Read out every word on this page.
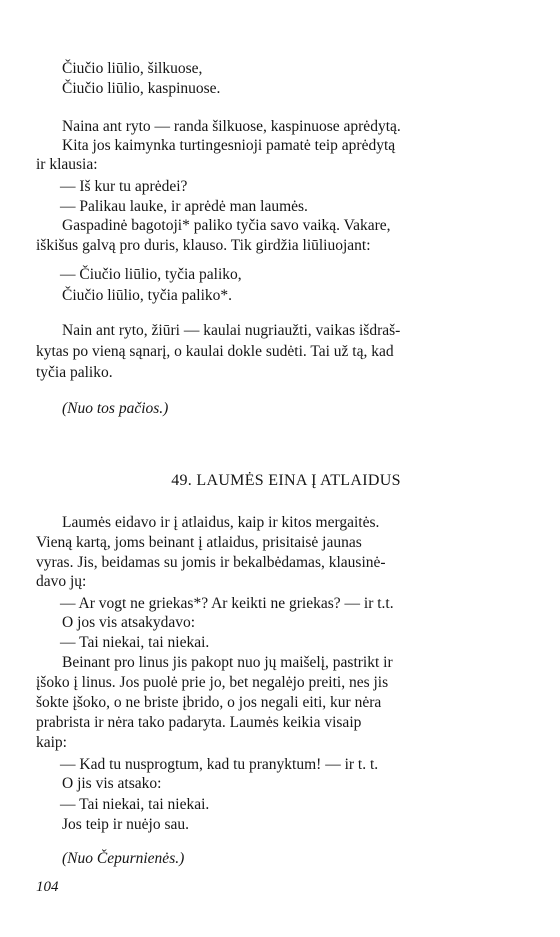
Čiučio liūlio, šilkuose,
Čiučio liūlio, kaspinuose.
Naina ant ryto — randa šilkuose, kaspinuose aprėdytą.
Kita jos kaimynka turtingesnioji pamatė teip aprėdytą
ir klausia:
— Iš kur tu aprėdei?
— Palikau lauke, ir aprėdė man laumės.
Gaspadinė bagotoji* paliko tyčia savo vaiką. Vakare,
iškišus galvą pro duris, klauso. Tik girdžia liūliuojant:
— Čiučio liūlio, tyčia paliko,
Čiučio liūlio, tyčia paliko*.
Nain ant ryto, žiūri — kaulai nugriaužti, vaikas išdraš-
kytas po vieną sąnarį, o kaulai dokle sudėti. Tai už tą, kad
tyčia paliko.
(Nuo tos pačios.)
49. LAUMĖS EINA Į ATLAIDUS
Laumės eidavo ir į atlaidus, kaip ir kitos mergaitės.
Vieną kartą, joms beinant į atlaidus, prisitaisė jaunas
vyras. Jis, beidamas su jomis ir bekalbėdamas, klausinė-
davo jų:
— Ar vogt ne griekas*? Ar keikti ne griekas? — ir t.t.
O jos vis atsakydavo:
— Tai niekai, tai niekai.
Beinant pro linus jis pakopt nuo jų maišelį, pastrikt ir
įšoko į linus. Jos puolė prie jo, bet negalėjo preiti, nes jis
šokte įšoko, o ne briste įbrido, o jos negali eiti, kur nėra
prabrista ir nėra tako padaryta. Laumės keikia visaip
kaip:
— Kad tu nusprogtum, kad tu pranyktum! — ir t. t.
O jis vis atsako:
— Tai niekai, tai niekai.
Jos teip ir nuėjo sau.
(Nuo Čepurnienės.)
104
